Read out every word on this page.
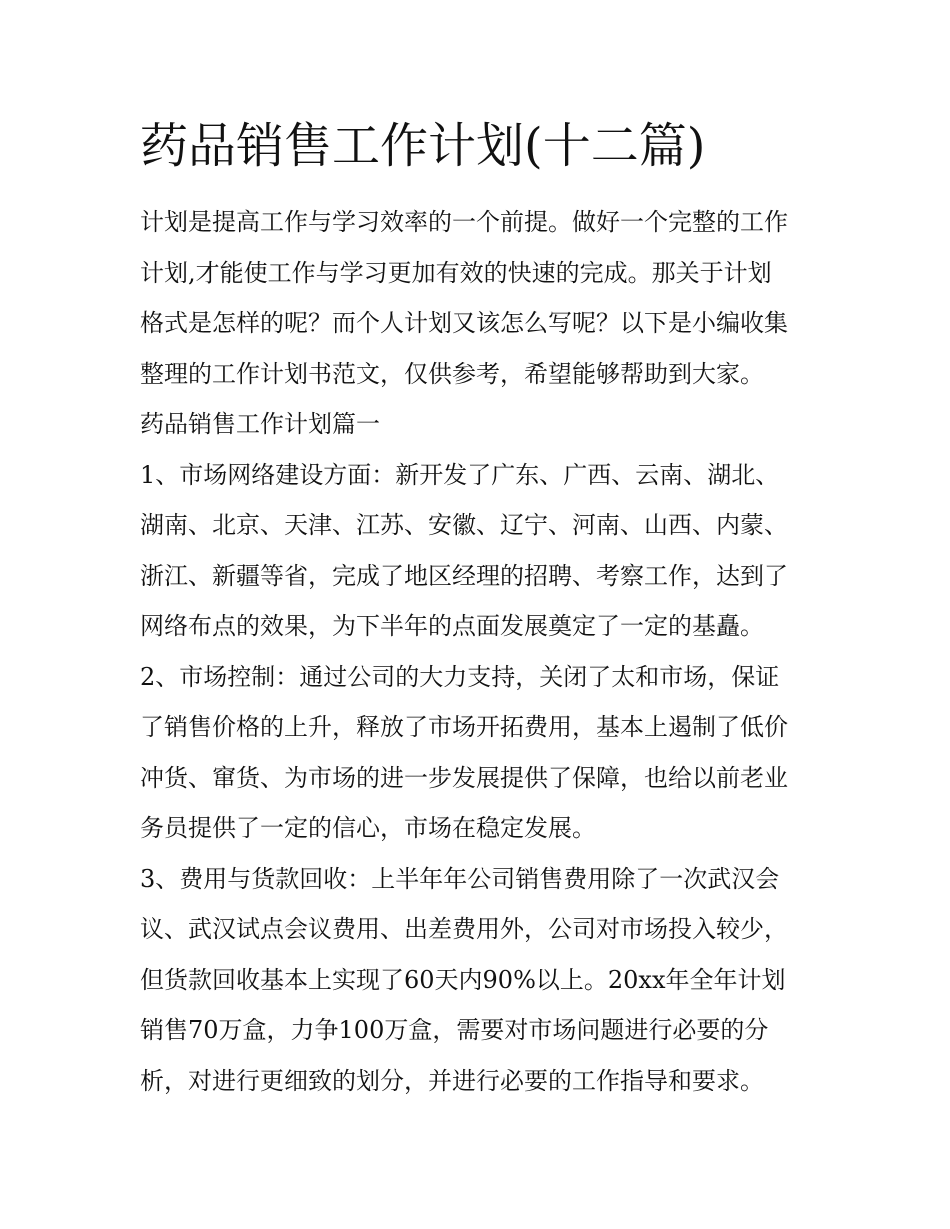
药品销售工作计划(十二篇)
计划是提高工作与学习效率的一个前提。做好一个完整的工作
计划,才能使工作与学习更加有效的快速的完成。那关于计划
格式是怎样的呢？而个人计划又该怎么写呢？以下是小编收集
整理的工作计划书范文，仅供参考，希望能够帮助到大家。
药品销售工作计划篇一
1、市场网络建设方面：新开发了广东、广西、云南、湖北、
湖南、北京、天津、江苏、安徽、辽宁、河南、山西、内蒙、
浙江、新疆等省，完成了地区经理的招聘、考察工作，达到了
网络布点的效果，为下半年的点面发展奠定了一定的基矗。
2、市场控制：通过公司的大力支持，关闭了太和市场，保证
了销售价格的上升，释放了市场开拓费用，基本上遏制了低价
冲货、窜货、为市场的进一步发展提供了保障，也给以前老业
务员提供了一定的信心，市场在稳定发展。
3、费用与货款回收：上半年年公司销售费用除了一次武汉会
议、武汉试点会议费用、出差费用外，公司对市场投入较少，
但货款回收基本上实现了60天内90%以上。20xx年全年计划
销售70万盒，力争100万盒，需要对市场问题进行必要的分
析，对进行更细致的划分，并进行必要的工作指导和要求。
